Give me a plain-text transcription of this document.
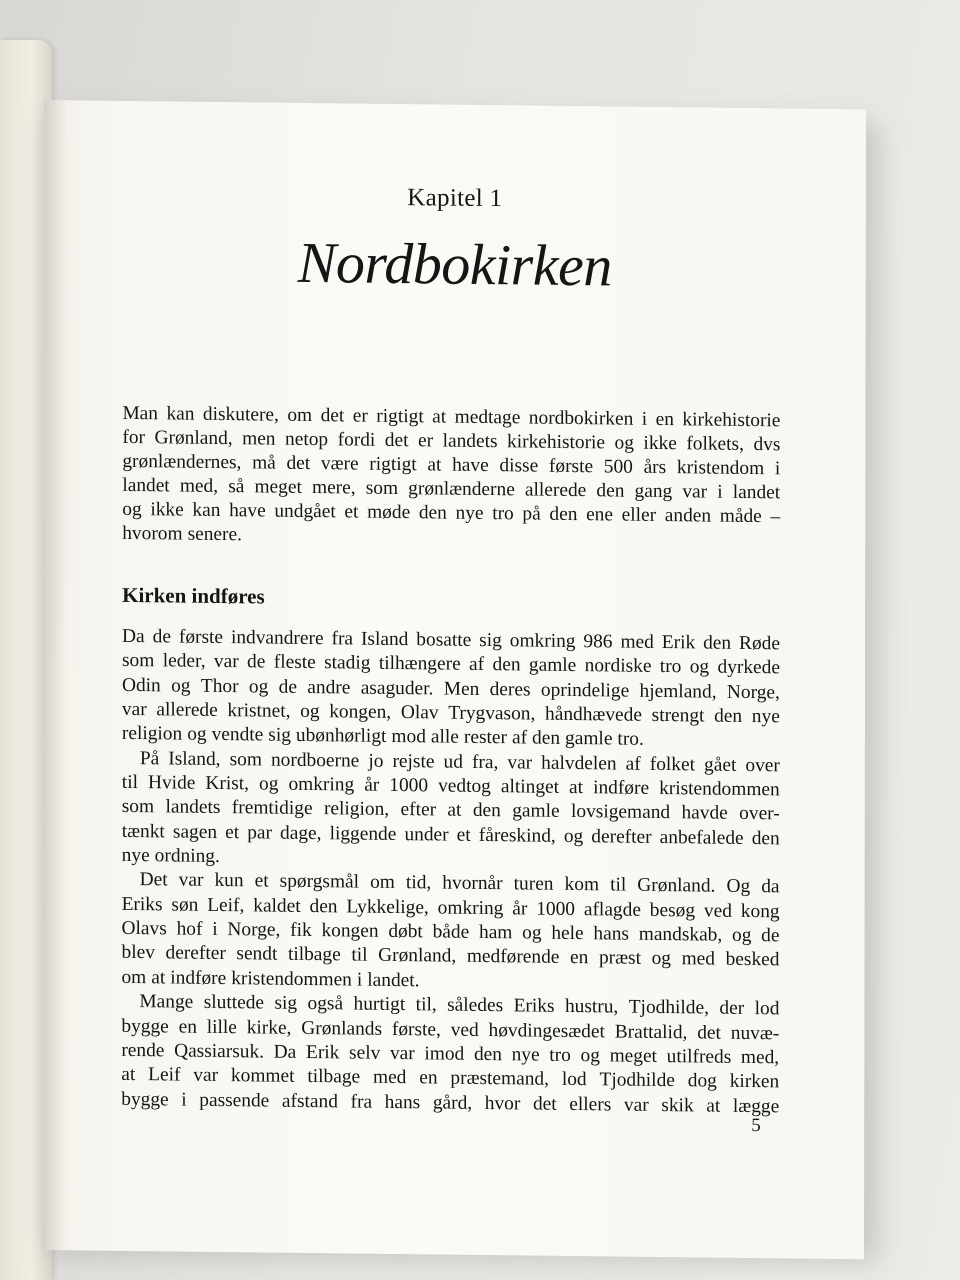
Kapitel 1
Nordbokirken
Man kan diskutere, om det er rigtigt at medtage nordbokirken i en kirkehistorie
for Grønland, men netop fordi det er landets kirkehistorie og ikke folkets, dvs
grønlændernes, må det være rigtigt at have disse første 500 års kristendom i
landet med, så meget mere, som grønlænderne allerede den gang var i landet
og ikke kan have undgået et møde den nye tro på den ene eller anden måde –
hvorom senere.
Kirken indføres
Da de første indvandrere fra Island bosatte sig omkring 986 med Erik den Røde
som leder, var de fleste stadig tilhængere af den gamle nordiske tro og dyrkede
Odin og Thor og de andre asaguder. Men deres oprindelige hjemland, Norge,
var allerede kristnet, og kongen, Olav Trygvason, håndhævede strengt den nye
religion og vendte sig ubønhørligt mod alle rester af den gamle tro.
På Island, som nordboerne jo rejste ud fra, var halvdelen af folket gået over
til Hvide Krist, og omkring år 1000 vedtog altinget at indføre kristendommen
som landets fremtidige religion, efter at den gamle lovsigemand havde over-
tænkt sagen et par dage, liggende under et fåreskind, og derefter anbefalede den
nye ordning.
Det var kun et spørgsmål om tid, hvornår turen kom til Grønland. Og da
Eriks søn Leif, kaldet den Lykkelige, omkring år 1000 aflagde besøg ved kong
Olavs hof i Norge, fik kongen døbt både ham og hele hans mandskab, og de
blev derefter sendt tilbage til Grønland, medførende en præst og med besked
om at indføre kristendommen i landet.
Mange sluttede sig også hurtigt til, således Eriks hustru, Tjodhilde, der lod
bygge en lille kirke, Grønlands første, ved høvdingesædet Brattalid, det nuvæ-
rende Qassiarsuk. Da Erik selv var imod den nye tro og meget utilfreds med,
at Leif var kommet tilbage med en præstemand, lod Tjodhilde dog kirken
bygge i passende afstand fra hans gård, hvor det ellers var skik at lægge
5
